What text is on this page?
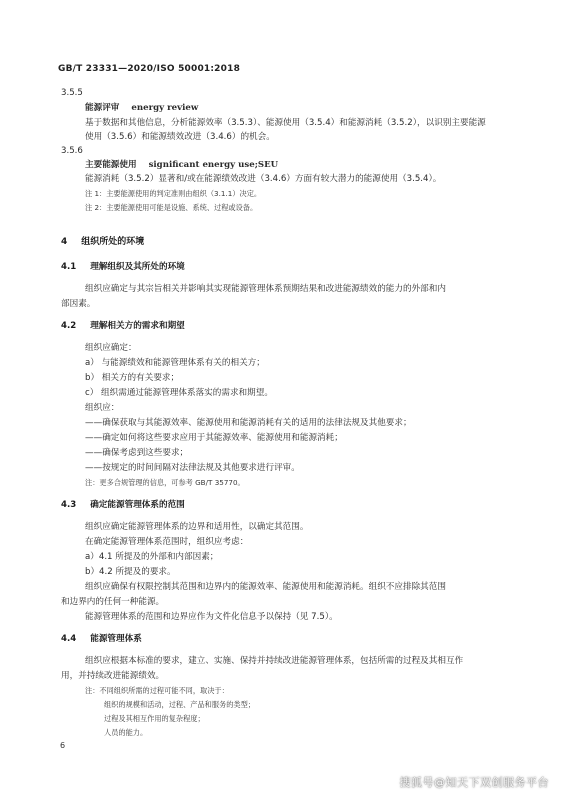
GB/T 23331—2020/ISO 50001:2018
3.5.5
能源评审 energy review
基于数据和其他信息，分析能源效率（3.5.3）、能源使用（3.5.4）和能源消耗（3.5.2），以识别主要能源
使用（3.5.6）和能源绩效改进（3.4.6）的机会。
3.5.6
主要能源使用 significant energy use;SEU
能源消耗（3.5.2）显著和/或在能源绩效改进（3.4.6）方面有较大潜力的能源使用（3.5.4）。
注 1：主要能源使用的判定准则由组织（3.1.1）决定。
注 2：主要能源使用可能是设施、系统、过程或设备。
4 组织所处的环境
4.1 理解组织及其所处的环境
组织应确定与其宗旨相关并影响其实现能源管理体系预期结果和改进能源绩效的能力的外部和内
部因素。
4.2 理解相关方的需求和期望
组织应确定：
a） 与能源绩效和能源管理体系有关的相关方；
b） 相关方的有关要求；
c） 组织需通过能源管理体系落实的需求和期望。
组织应：
——确保获取与其能源效率、能源使用和能源消耗有关的适用的法律法规及其他要求；
——确定如何将这些要求应用于其能源效率、能源使用和能源消耗；
——确保考虑到这些要求；
——按规定的时间间隔对法律法规及其他要求进行评审。
注：更多合规管理的信息，可参考 GB/T 35770。
4.3 确定能源管理体系的范围
组织应确定能源管理体系的边界和适用性，以确定其范围。
在确定能源管理体系范围时，组织应考虑：
a）4.1 所提及的外部和内部因素；
b）4.2 所提及的要求。
组织应确保有权限控制其范围和边界内的能源效率、能源使用和能源消耗。组织不应排除其范围
和边界内的任何一种能源。
能源管理体系的范围和边界应作为文件化信息予以保持（见 7.5）。
4.4 能源管理体系
组织应根据本标准的要求，建立、实施、保持并持续改进能源管理体系，包括所需的过程及其相互作
用，并持续改进能源绩效。
注：不同组织所需的过程可能不同，取决于：
组织的规模和活动，过程、产品和服务的类型；
过程及其相互作用的复杂程度；
人员的能力。
6
搜狐号@知天下双创服务平台
